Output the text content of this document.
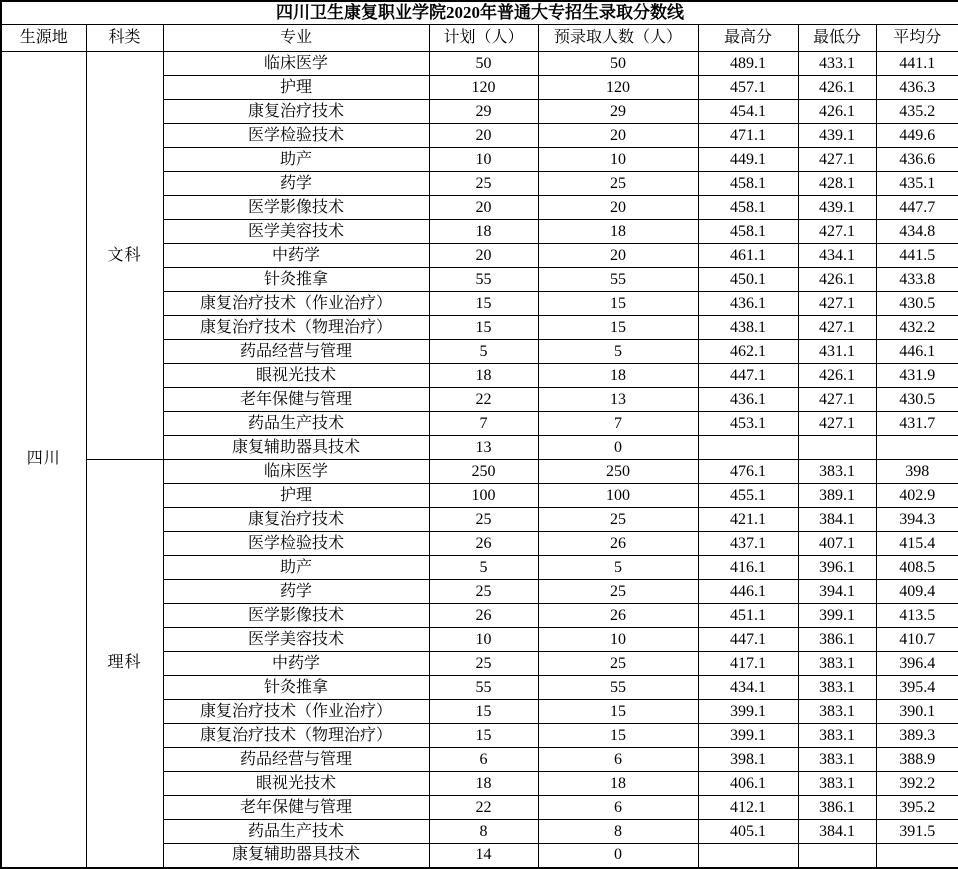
四川卫生康复职业学院2020年普通大专招生录取分数线							
生源地	科类	专业	计划（人）	预录取人数（人）	最高分	最低分	平均分
四川	文科	临床医学	50	50	489.1	433.1	441.1
		护理	120	120	457.1	426.1	436.3
		康复治疗技术	29	29	454.1	426.1	435.2
		医学检验技术	20	20	471.1	439.1	449.6
		助产	10	10	449.1	427.1	436.6
		药学	25	25	458.1	428.1	435.1
		医学影像技术	20	20	458.1	439.1	447.7
		医学美容技术	18	18	458.1	427.1	434.8
		中药学	20	20	461.1	434.1	441.5
		针灸推拿	55	55	450.1	426.1	433.8
		康复治疗技术（作业治疗）	15	15	436.1	427.1	430.5
		康复治疗技术（物理治疗）	15	15	438.1	427.1	432.2
		药品经营与管理	5	5	462.1	431.1	446.1
		眼视光技术	18	18	447.1	426.1	431.9
		老年保健与管理	22	13	436.1	427.1	430.5
		药品生产技术	7	7	453.1	427.1	431.7
		康复辅助器具技术	13	0			
	理科	临床医学	250	250	476.1	383.1	398
		护理	100	100	455.1	389.1	402.9
		康复治疗技术	25	25	421.1	384.1	394.3
		医学检验技术	26	26	437.1	407.1	415.4
		助产	5	5	416.1	396.1	408.5
		药学	25	25	446.1	394.1	409.4
		医学影像技术	26	26	451.1	399.1	413.5
		医学美容技术	10	10	447.1	386.1	410.7
		中药学	25	25	417.1	383.1	396.4
		针灸推拿	55	55	434.1	383.1	395.4
		康复治疗技术（作业治疗）	15	15	399.1	383.1	390.1
		康复治疗技术（物理治疗）	15	15	399.1	383.1	389.3
		药品经营与管理	6	6	398.1	383.1	388.9
		眼视光技术	18	18	406.1	383.1	392.2
		老年保健与管理	22	6	412.1	386.1	395.2
		药品生产技术	8	8	405.1	384.1	391.5
		康复辅助器具技术	14	0			
